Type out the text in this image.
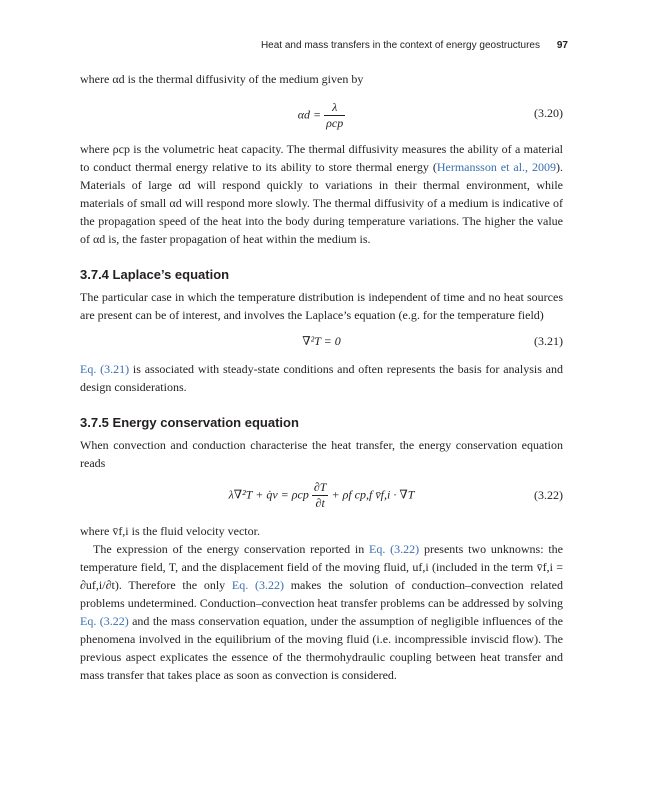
Heat and mass transfers in the context of energy geostructures 97

where αd is the thermal diffusivity of the medium given by

$\alpha d = \frac{\lambda}{\text{ρcp}}$	(3.20)

where ρcp is the volumetric heat capacity. The thermal diffusivity measures the ability of a material to conduct thermal energy relative to its ability to store thermal energy (Hermansson et al., 2009). Materials of large αd will respond quickly to variations in their thermal environment, while materials of small αd will respond more slowly. The thermal diffusivity of a medium is indicative of the propagation speed of the heat into the body during temperature variations. The higher the value of αd is, the faster propagation of heat within the medium is.

3.7.4 Laplace’s equation

The particular case in which the temperature distribution is independent of time and no heat sources are present can be of interest, and involves the Laplace’s equation (e.g. for the temperature field)

∇²T = 0	(3.21)

Eq. (3.21) is associated with steady-state conditions and often represents the basis for analysis and design considerations.

3.7.5 Energy conservation equation

When convection and conduction characterise the heat transfer, the energy conservation equation reads

λ∇²T + q̇v = ρcp $\frac{\partial T}{\partial t} + \rho f$ cp,f v̄f,i · ∇T	(3.22)

where v̄f,i is the fluid velocity vector.

The expression of the energy conservation reported in Eq. (3.22) presents two unknowns: the temperature field, T, and the displacement field of the moving fluid, uf,i (included in the term v̄f,i = ∂uf,i/∂t). Therefore the only Eq. (3.22) makes the solution of conduction–convection related problems undetermined. Conduction–convection heat transfer problems can be addressed by solving Eq. (3.22) and the mass conservation equation, under the assumption of negligible influences of the phenomena involved in the equilibrium of the moving fluid (i.e. incompressible inviscid flow). The previous aspect explicates the essence of the thermohydraulic coupling between heat transfer and mass transfer that takes place as soon as convection is considered.
